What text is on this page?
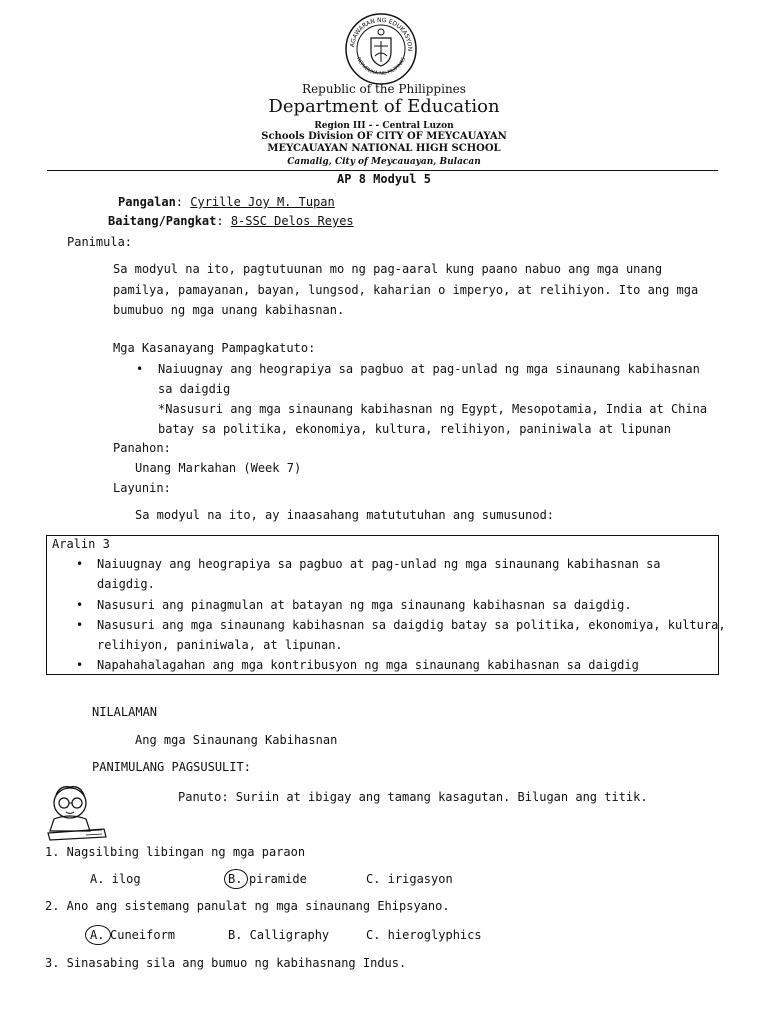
AGAWARAN NG EDUKASYON
REPUBLIKA NG PILIPINAS
Republic of the Philippines
Department of Education
Region III - - Central Luzon
Schools Division OF CITY OF MEYCAUAYAN
MEYCAUAYAN NATIONAL HIGH SCHOOL
Camalig, City of Meycauayan, Bulacan
AP 8 Modyul 5
Pangalan: Cyrille Joy M. Tupan
Baitang/Pangkat: 8-SSC Delos Reyes
Panimula:
Sa modyul na ito, pagtutuunan mo ng pag-aaral kung paano nabuo ang mga unang
pamilya, pamayanan, bayan, lungsod, kaharian o imperyo, at relihiyon. Ito ang mga
bumubuo ng mga unang kabihasnan.
Mga Kasanayang Pampagkatuto:
• Naiuugnay ang heograpiya sa pagbuo at pag-unlad ng mga sinaunang kabihasnan
sa daigdig
*Nasusuri ang mga sinaunang kabihasnan ng Egypt, Mesopotamia, India at China
batay sa politika, ekonomiya, kultura, relihiyon, paniniwala at lipunan
Panahon:
Unang Markahan (Week 7)
Layunin:
Sa modyul na ito, ay inaasahang matututuhan ang sumusunod:
Aralin 3
• Naiuugnay ang heograpiya sa pagbuo at pag-unlad ng mga sinaunang kabihasnan sa
daigdig.
• Nasusuri ang pinagmulan at batayan ng mga sinaunang kabihasnan sa daigdig.
• Nasusuri ang mga sinaunang kabihasnan sa daigdig batay sa politika, ekonomiya, kultura,
relihiyon, paniniwala, at lipunan.
• Napahahalagahan ang mga kontribusyon ng mga sinaunang kabihasnan sa daigdig
NILALAMAN
Ang mga Sinaunang Kabihasnan
PANIMULANG PAGSUSULIT:
Panuto: Suriin at ibigay ang tamang kasagutan. Bilugan ang titik.
1. Nagsilbing libingan ng mga paraon
A. ilog	B. piramide	C. irigasyon
2. Ano ang sistemang panulat ng mga sinaunang Ehipsyano.
A. Cuneiform	B. Calligraphy	C. hieroglyphics
3. Sinasabing sila ang bumuo ng kabihasnang Indus.
